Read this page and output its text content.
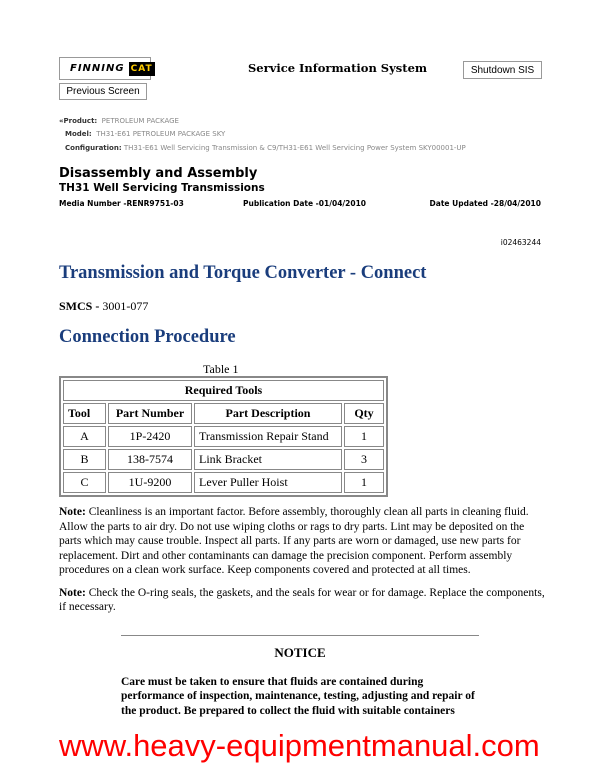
FINNING CAT
Previous Screen
Service Information System	Shutdown SIS
«Product: PETROLEUM PACKAGE
Model: TH31-E61 PETROLEUM PACKAGE SKY
Configuration: TH31-E61 Well Servicing Transmission & C9/TH31-E61 Well Servicing Power System SKY00001-UP
Disassembly and Assembly
TH31 Well Servicing Transmissions
Media Number -RENR9751-03	Publication Date -01/04/2010	Date Updated -28/04/2010
i02463244
Transmission and Torque Converter - Connect
SMCS - 3001-077
Connection Procedure
Table 1
Required Tools			
Tool	Part Number	Part Description	Qty
A	1P-2420	Transmission Repair Stand	1
B	138-7574	Link Bracket	3
C	1U-9200	Lever Puller Hoist	1
Note: Cleanliness is an important factor. Before assembly, thoroughly clean all parts in cleaning fluid. Allow the parts to air dry. Do not use wiping cloths or rags to dry parts. Lint may be deposited on the parts which may cause trouble. Inspect all parts. If any parts are worn or damaged, use new parts for replacement. Dirt and other contaminants can damage the precision component. Perform assembly procedures on a clean work surface. Keep components covered and protected at all times.
Note: Check the O-ring seals, the gaskets, and the seals for wear or for damage. Replace the components, if necessary.
NOTICE
Care must be taken to ensure that fluids are contained during performance of inspection, maintenance, testing, adjusting and repair of the product. Be prepared to collect the fluid with suitable containers
www.heavy-equipmentmanual.com
